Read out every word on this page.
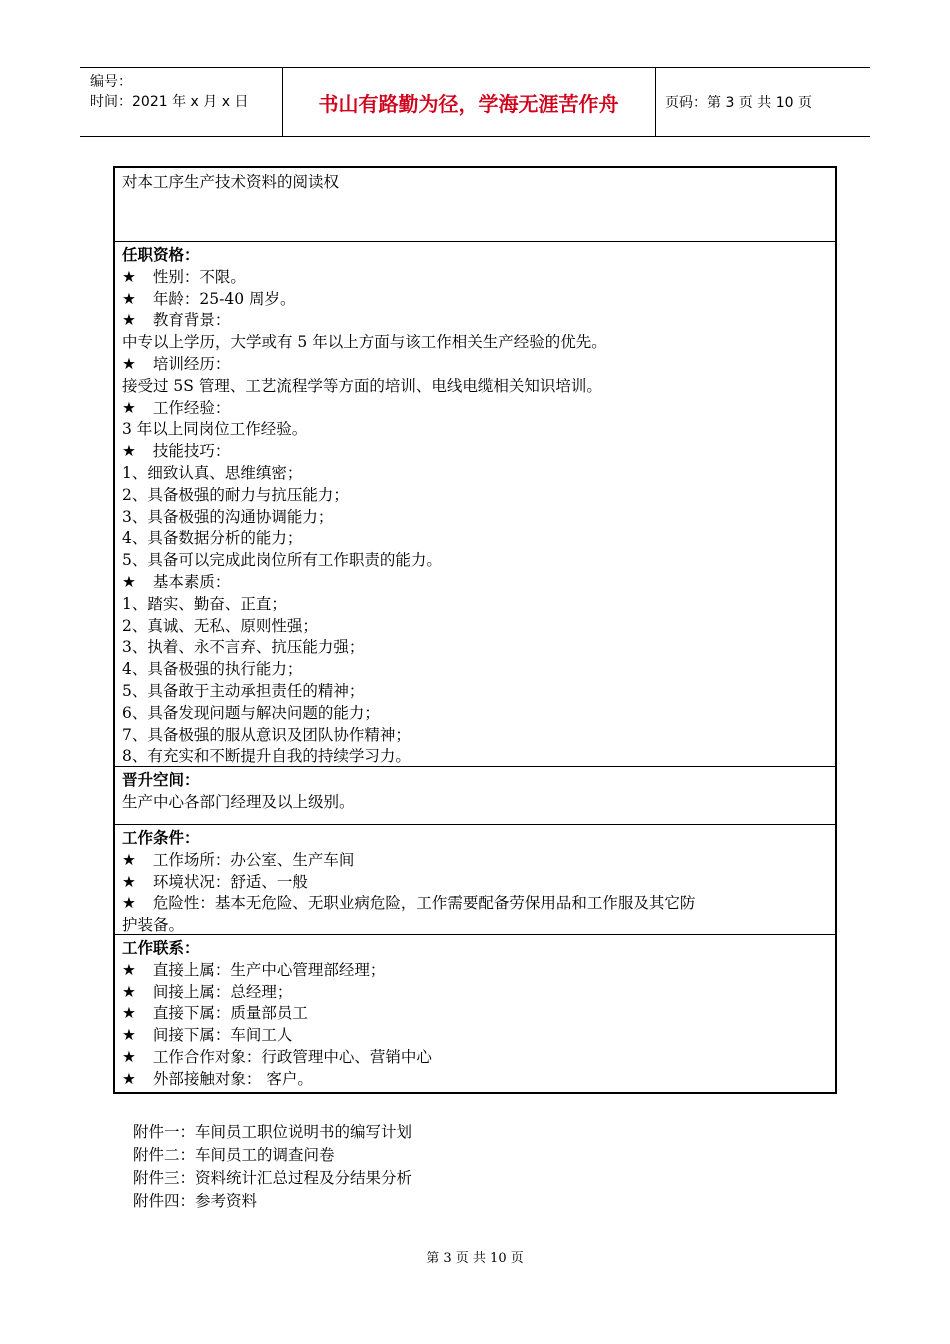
编号：
时间：2021 年 x 月 x 日	书山有路勤为径，学海无涯苦作舟	页码：第 3 页 共 10 页
对本工序生产技术资料的阅读权
任职资格：
★ 性别：不限。
★ 年龄：25-40 周岁。
★ 教育背景：
中专以上学历，大学或有 5 年以上方面与该工作相关生产经验的优先。
★ 培训经历：
接受过 5S 管理、工艺流程学等方面的培训、电线电缆相关知识培训。
★ 工作经验：
3 年以上同岗位工作经验。
★ 技能技巧：
1、细致认真、思维缜密；
2、具备极强的耐力与抗压能力；
3、具备极强的沟通协调能力；
4、具备数据分析的能力；
5、具备可以完成此岗位所有工作职责的能力。
★ 基本素质：
1、踏实、勤奋、正直；
2、真诚、无私、原则性强；
3、执着、永不言弃、抗压能力强；
4、具备极强的执行能力；
5、具备敢于主动承担责任的精神；
6、具备发现问题与解决问题的能力；
7、具备极强的服从意识及团队协作精神；
8、有充实和不断提升自我的持续学习力。
晋升空间：
生产中心各部门经理及以上级别。
工作条件：
★ 工作场所：办公室、生产车间
★ 环境状况：舒适、一般
★ 危险性：基本无危险、无职业病危险，工作需要配备劳保用品和工作服及其它防
护装备。
工作联系：
★ 直接上属：生产中心管理部经理；
★ 间接上属：总经理；
★ 直接下属：质量部员工
★ 间接下属：车间工人
★ 工作合作对象：行政管理中心、营销中心
★ 外部接触对象： 客户。
附件一：车间员工职位说明书的编写计划
附件二：车间员工的调查问卷
附件三：资料统计汇总过程及分结果分析
附件四：参考资料
第 3 页 共 10 页
